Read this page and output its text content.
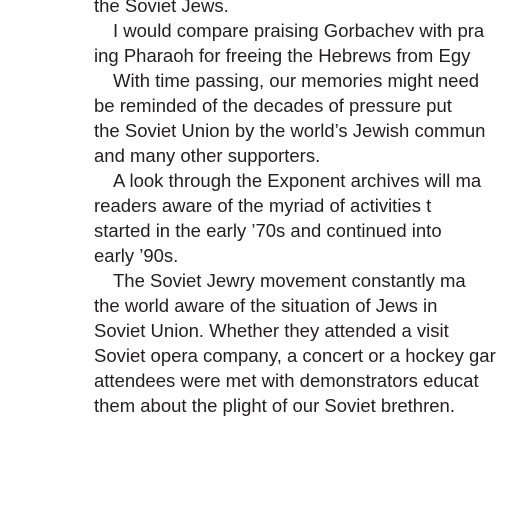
the Soviet Jews.
I would compare praising Gorbachev with pra
ing Pharaoh for freeing the Hebrews from Egy
With time passing, our memories might need
be reminded of the decades of pressure put
the Soviet Union by the world’s Jewish commun
and many other supporters.
A look through the Exponent archives will ma
readers aware of the myriad of activities t
started in the early ’70s and continued into
early ’90s.
The Soviet Jewry movement constantly ma
the world aware of the situation of Jews in
Soviet Union. Whether they attended a visit
Soviet opera company, a concert or a hockey gar
attendees were met with demonstrators educat
them about the plight of our Soviet brethren.
